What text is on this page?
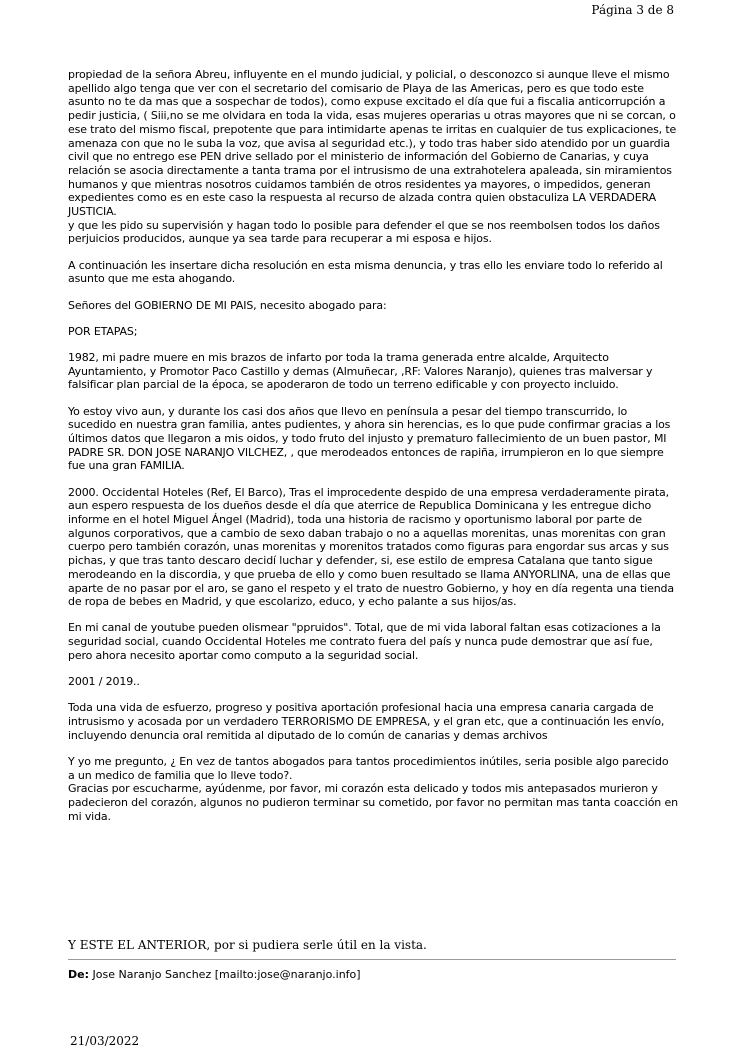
Página 3 de 8

propiedad de la señora Abreu, influyente en el mundo judicial, y policial, o desconozco si aunque lleve el mismo apellido algo tenga que ver con el secretario del comisario de Playa de las Americas, pero es que todo este asunto no te da mas que a sospechar de todos), como expuse excitado el día que fui a fiscalia anticorrupción a pedir justicia, ( Siii,no se me olvidara en toda la vida, esas mujeres operarias u otras mayores que ni se corcan, o ese trato del mismo fiscal, prepotente que para intimidarte apenas te irritas en cualquier de tus explicaciones, te amenaza con que no le suba la voz, que avisa al seguridad etc.), y todo tras haber sido atendido por un guardia civil que no entrego ese PEN drive sellado por el ministerio de información del Gobierno de Canarias, y cuya relación se asocia directamente a tanta trama por el intrusismo de una extrahotelera apaleada, sin miramientos humanos y que mientras nosotros cuidamos también de otros residentes ya mayores, o impedidos, generan expedientes como es en este caso la respuesta al recurso de alzada contra quien obstaculiza LA VERDADERA JUSTICIA.
y que les pido su supervisión y hagan todo lo posible para defender el que se nos reembolsen todos los daños perjuicios producidos, aunque ya sea tarde para recuperar a mi esposa e hijos.

A continuación les insertare dicha resolución en esta misma denuncia, y tras ello les enviare todo lo referido al asunto que me esta ahogando.

Señores del GOBIERNO DE MI PAIS, necesito abogado para:

POR ETAPAS;

1982, mi padre muere en mis brazos de infarto por toda la trama generada entre alcalde, Arquitecto Ayuntamiento, y Promotor Paco Castillo y demas (Almuñecar, ,RF: Valores Naranjo), quienes tras malversar y falsificar plan parcial de la época, se apoderaron de todo un terreno edificable y con proyecto incluido.

Yo estoy vivo aun, y durante los casi dos años que llevo en península a pesar del tiempo transcurrido, lo sucedido en nuestra gran familia, antes pudientes, y ahora sin herencias, es lo que pude confirmar gracias a los últimos datos que llegaron a mis oidos, y todo fruto del injusto y prematuro fallecimiento de un buen pastor, MI PADRE SR. DON JOSE NARANJO VILCHEZ, , que merodeados entonces de rapiña, irrumpieron en lo que siempre fue una gran FAMILIA.

2000. Occidental Hoteles (Ref, El Barco), Tras el improcedente despido de una empresa verdaderamente pirata, aun espero respuesta de los dueños desde el día que aterrice de Republica Dominicana y les entregue dicho informe en el hotel Miguel Ángel (Madrid), toda una historia de racismo y oportunismo laboral por parte de algunos corporativos, que a cambio de sexo daban trabajo o no a aquellas morenitas, unas morenitas con gran cuerpo pero también corazón, unas morenitas y morenitos tratados como figuras para engordar sus arcas y sus pichas, y que tras tanto descaro decidí luchar y defender, si, ese estilo de empresa Catalana que tanto sigue merodeando en la discordia, y que prueba de ello y como buen resultado se llama ANYORLINA, una de ellas que aparte de no pasar por el aro, se gano el respeto y el trato de nuestro Gobierno, y hoy en día regenta una tienda de ropa de bebes en Madrid, y que escolarizo, educo, y echo palante a sus hijos/as.

En mi canal de youtube pueden olismear "ppruidos". Total, que de mi vida laboral faltan esas cotizaciones a la seguridad social, cuando Occidental Hoteles me contrato fuera del país y nunca pude demostrar que así fue, pero ahora necesito aportar como computo a la seguridad social.

2001 / 2019..

Toda una vida de esfuerzo, progreso y positiva aportación profesional hacia una empresa canaria cargada de intrusismo y acosada por un verdadero TERRORISMO DE EMPRESA, y el gran etc, que a continuación les envío, incluyendo denuncia oral remitida al diputado de lo común de canarias y demas archivos

Y yo me pregunto, ¿ En vez de tantos abogados para tantos procedimientos inútiles, seria posible algo parecido a un medico de familia que lo lleve todo?.
Gracias por escucharme, ayúdenme, por favor, mi corazón esta delicado y todos mis antepasados murieron y padecieron del corazón, algunos no pudieron terminar su cometido, por favor no permitan mas tanta coacción en mi vida.

Y ESTE EL ANTERIOR, por si pudiera serle útil en la vista.
De: Jose Naranjo Sanchez [mailto:jose@naranjo.info]
21/03/2022
